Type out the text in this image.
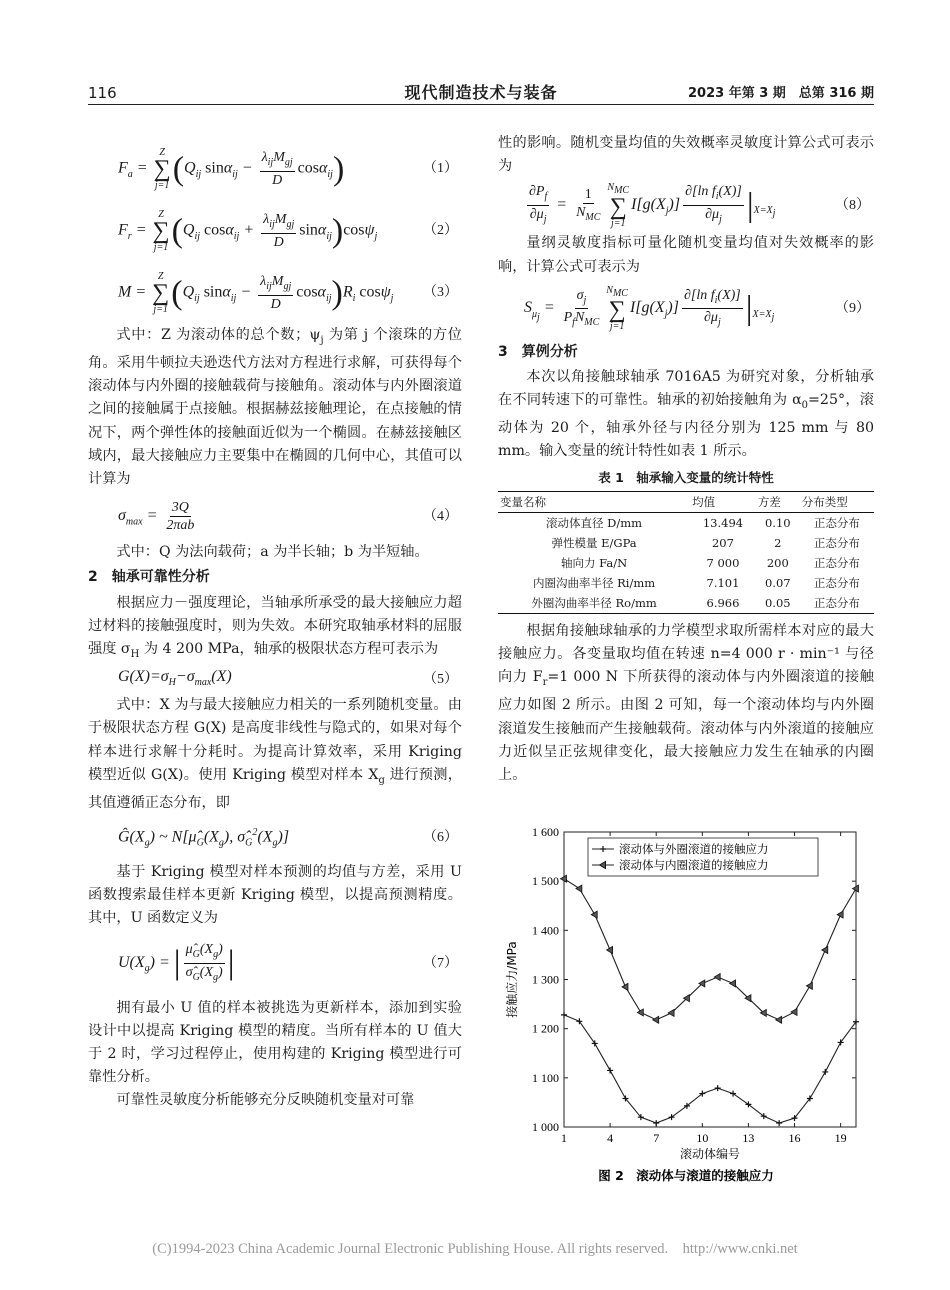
116	现代制造技术与装备	2023 年第 3 期　总第 316 期
$F_a$ =
Z
∑
j=1 ($Q_{ij}$ $\sin\alpha_{ij} - \frac{\lambda_{ij}M_{gj}}{D} \cos\alpha_{ij}$)	（1）
$F_r$ =
Z
∑
j=1 ($Q_{ij}$ $\cos\alpha_{ij} + \frac{\lambda_{ij}M_{gj}}{D} \sin\alpha_{ij})\cos\psi_j$	（2）
M =
Z
∑
j=1 ($Q_{ij}$ $\sin\alpha_{ij} - \frac{\lambda_{ij}M_{gj}}{D} \cos\alpha_{ij})R_i$ cosψ$_j$ （3）

式中：Z 为滚动体的总个数；$\psi_j$ 为第 j 个滚珠的方位角。采用牛顿拉夫逊迭代方法对方程进行求解，可获得每个滚动体与内外圈的接触载荷与接触角。滚动体与内外圈滚道之间的接触属于点接触。根据赫兹接触理论，在点接触的情况下，两个弹性体的接触面近似为一个椭圆。在赫兹接触区域内，最大接触应力主要集中在椭圆的几何中心，其值可以计算为

$\sigma_{max} = \frac{3Q}{\text{2πab}}$	（4）

式中：Q 为法向载荷；a 为半长轴；b 为半短轴。

2　轴承可靠性分析

根据应力－强度理论，当轴承所承受的最大接触应力超过材料的接触强度时，则为失效。本研究取轴承材料的屈服强度 $\sigma_H$ 为 4 200 MPa，轴承的极限状态方程可表示为

$G(X)=\sigma_H-\sigma_{max}(X)$	（5）

式中：X 为与最大接触应力相关的一系列随机变量。由于极限状态方程 G(X) 是高度非线性与隐式的，如果对每个样本进行求解十分耗时。为提高计算效率，采用 Kriging 模型近似 G(X)。使用 Kriging 模型对样本 $X_g$ 进行预测，其值遵循正态分布，即

$Ĝ(X_g)$ ~ $N[\mû_G(X_g)$, $\sigmâ_G^2(X_g)$]	（6）

基于 Kriging 模型对样本预测的均值与方差，采用 U 函数搜索最佳样本更新 Kriging 模型，以提高预测精度。其中，U 函数定义为

$U(X_g)$ = | $\frac{\mû_G(X_g)}{\sigmâ_G(X_g)}$ |	（7）

拥有最小 U 值的样本被挑选为更新样本，添加到实验设计中以提高 Kriging 模型的精度。当所有样本的 U 值大于 2 时，学习过程停止，使用构建的 Kriging 模型进行可靠性分析。

可靠性灵敏度分析能够充分反映随机变量对可靠

性的影响。随机变量均值的失效概率灵敏度计算公式可表示为

$\frac{\partial P_f}{\partial\mu_j} = \frac{1}{N_{MC}} N_{MC}$
∑
j=1
$I[g(X_j)] \frac{\partial[\ln f_i(X)]}{\partial\mu_j} |_{X=X_j}$
（8）

量纲灵敏度指标可量化随机变量均值对失效概率的影响，计算公式可表示为

$S_{\mu_j} = \frac{\sigma_j}{P_fN_{MC}} N_{MC}$
∑
j=1
$I[g(X_j)] \frac{\partial[\ln f_i(X)]}{\partial\mu_j} |_{X=X_j}$
（9）
3　算例分析

本次以角接触球轴承 7016A5 为研究对象，分析轴承在不同转速下的可靠性。轴承的初始接触角为 $\alpha_0=25^\circ$，滚动体为 20 个，轴承外径与内径分别为 125 mm 与 80 mm。输入变量的统计特性如表 1 所示。

表 1　轴承输入变量的统计特性
变量名称	均值	方差	分布类型
滚动体直径 D/mm	13.494	0.10	正态分布
弹性模量 E/GPa	207	2	正态分布
轴向力 Fa/N	7 000	200	正态分布
内圈沟曲率半径 Ri/mm	7.101	0.07	正态分布
外圈沟曲率半径 Ro/mm	6.966	0.05	正态分布

根据角接触球轴承的力学模型求取所需样本对应的最大接触应力。各变量取均值在转速 n=4 000 r · min⁻¹ 与径向力 $F_r=1$ 000 N 下所获得的滚动体与内外圈滚道的接触应力如图 2 所示。由图 2 可知，每一个滚动体均与内外圈滚道发生接触而产生接触载荷。滚动体与内外滚道的接触应力近似呈正弦规律变化，最大接触应力发生在轴承的内圈上。

1 000
1 100
1 200
1 300
1 400
1 500
1 600
1	4	7	10	13	16	19
滚动体编号
接触应力/MPa
滚动体与外圈滚道的接触应力
滚动体与内圈滚道的接触应力
图 2　滚动体与滚道的接触应力
(C)1994-2023 China Academic Journal Electronic Publishing House. All rights reserved.　http://www.cnki.net
